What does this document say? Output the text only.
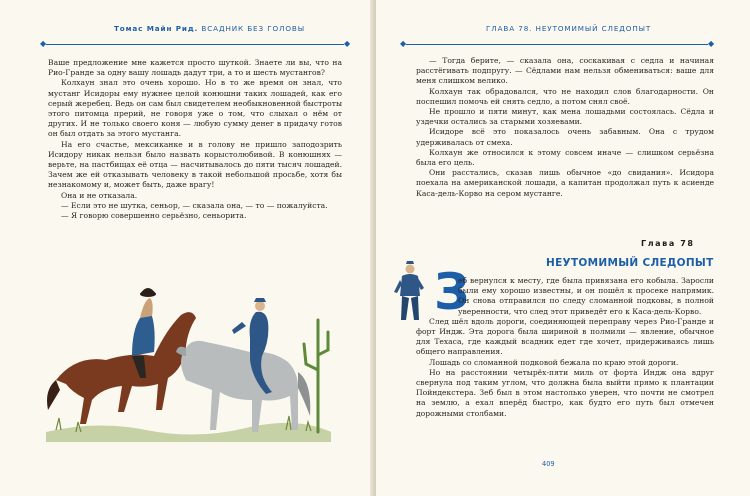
Томас Майн Рид. ВСАДНИК БЕЗ ГОЛОВЫ
◆	◆

Ваше предложение мне кажется просто шуткой. Знаете ли вы, что на Рио-Гранде за одну вашу лошадь дадут три, а то и шесть мустангов?

Колхаун знал это очень хорошо. Но в то же время он знал, что мустанг Исидоры ему нужнее целой конюшни таких лошадей, как его серый жеребец. Ведь он сам был свидетелем необыкновенной быстроты этого питомца прерий, не говоря уже о том, что слыхал о нём от других. И не только своего коня — любую сумму денег в придачу готов он был отдать за этого мустанга.

На его счастье, мексиканке и в голову не пришло заподозрить Исидору никак нельзя было назвать корыстолюбивой. В конюшнях — верьте, на пастбищах её отца — насчитывалось до пяти тысяч лошадей. Зачем же ей отказывать человеку в такой небольшой просьбе, хотя бы незнакомому и, может быть, даже врагу!

Она и не отказала.

— Если это не шутка, сеньор, — сказала она, — то — пожалуйста.

— Я говорю совершенно серьёзно, сеньорита.

ГЛАВА 78. НЕУТОМИМЫЙ СЛЕДОПЫТ
◆	◆

— Тогда берите, — сказала она, соскакивая с седла и начиная расстёгивать подпругу. — Сёдлами нам нельзя обмениваться: ваше для меня слишком велико.

Колхаун так обрадовался, что не находил слов благодарности. Он поспешил помочь ей снять седло, а потом снял своё.

Не прошло и пяти минут, как мена лошадьми состоялась. Сёдла и уздечки остались за старыми хозяевами.

Исидоре всё это показалось очень забавным. Она с трудом удерживалась от смеха.

Колхаун же относился к этому совсем иначе — слишком серьёзна была его цель.

Они расстались, сказав лишь обычное «до свидания». Исидора поехала на американской лошади, а капитан продолжал путь к асиенде Каса-дель-Корво на сером мустанге.

Глава 78
НЕУТОМИМЫЙ СЛЕДОПЫТ
З

еб вернулся к месту, где была привязана его кобыла. Заросли были ему хорошо известны, и он пошёл к просеке напрямик. Он снова отправился по следу сломанной подковы, в полной уверенности, что след этот приведёт его к Каса-дель-Корво.

След шёл вдоль дороги, соединяющей переправу через Рио-Гранде и форт Индж. Эта дорога была шириной в полмили — явление, обычное для Техаса, где каждый всадник едет где хочет, придерживаясь лишь общего направления.

Лошадь со сломанной подковой бежала по краю этой дороги.

Но на расстоянии четырёх-пяти миль от форта Индж она вдруг свернула под таким углом, что должна была выйти прямо к плантации Пойндекстера. Зеб был в этом настолько уверен, что почти не смотрел на землю, а ехал вперёд быстро, как будто его путь был отмечен дорожными столбами.

409
